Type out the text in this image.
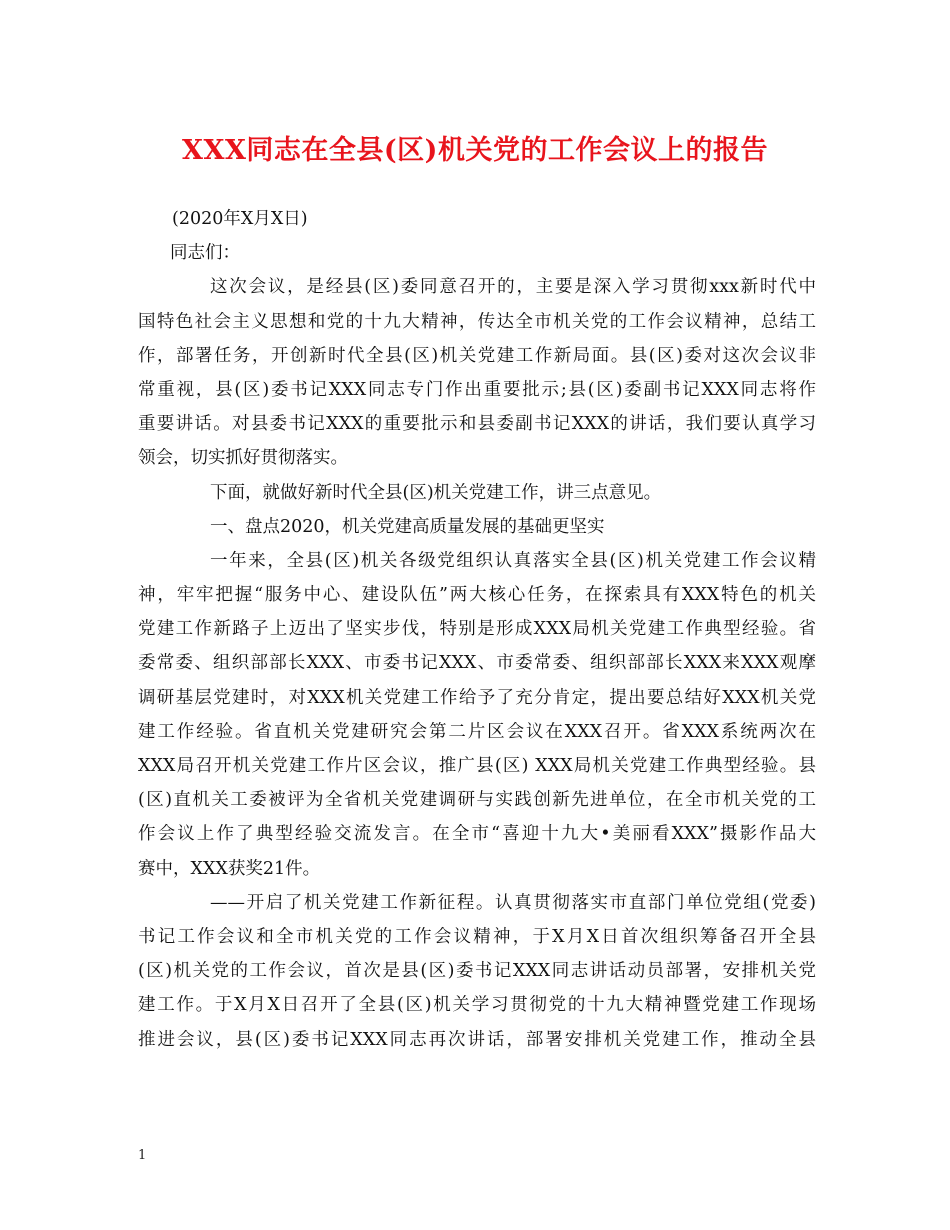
XXX同志在全县(区)机关党的工作会议上的报告
(2020年X月X日)
同志们：
这次会议，是经县(区)委同意召开的，主要是深入学习贯彻xxx新时代中
国特色社会主义思想和党的十九大精神，传达全市机关党的工作会议精神，总结工
作，部署任务，开创新时代全县(区)机关党建工作新局面。县(区)委对这次会议非
常重视，县(区)委书记XXX同志专门作出重要批示;县(区)委副书记XXX同志将作
重要讲话。对县委书记XXX的重要批示和县委副书记XXX的讲话，我们要认真学习
领会，切实抓好贯彻落实。
下面，就做好新时代全县(区)机关党建工作，讲三点意见。
一、盘点2020，机关党建高质量发展的基础更坚实
一年来，全县(区)机关各级党组织认真落实全县(区)机关党建工作会议精
神，牢牢把握“服务中心、建设队伍”两大核心任务，在探索具有XXX特色的机关
党建工作新路子上迈出了坚实步伐，特别是形成XXX局机关党建工作典型经验。省
委常委、组织部部长XXX、市委书记XXX、市委常委、组织部部长XXX来XXX观摩
调研基层党建时，对XXX机关党建工作给予了充分肯定，提出要总结好XXX机关党
建工作经验。省直机关党建研究会第二片区会议在XXX召开。省XXX系统两次在
XXX局召开机关党建工作片区会议，推广县(区) XXX局机关党建工作典型经验。县
(区)直机关工委被评为全省机关党建调研与实践创新先进单位，在全市机关党的工
作会议上作了典型经验交流发言。在全市“喜迎十九大•美丽看XXX”摄影作品大
赛中，XXX获奖21件。
——开启了机关党建工作新征程。认真贯彻落实市直部门单位党组(党委)
书记工作会议和全市机关党的工作会议精神，于X月X日首次组织筹备召开全县
(区)机关党的工作会议，首次是县(区)委书记XXX同志讲话动员部署，安排机关党
建工作。于X月X日召开了全县(区)机关学习贯彻党的十九大精神暨党建工作现场
推进会议，县(区)委书记XXX同志再次讲话，部署安排机关党建工作，推动全县
1
